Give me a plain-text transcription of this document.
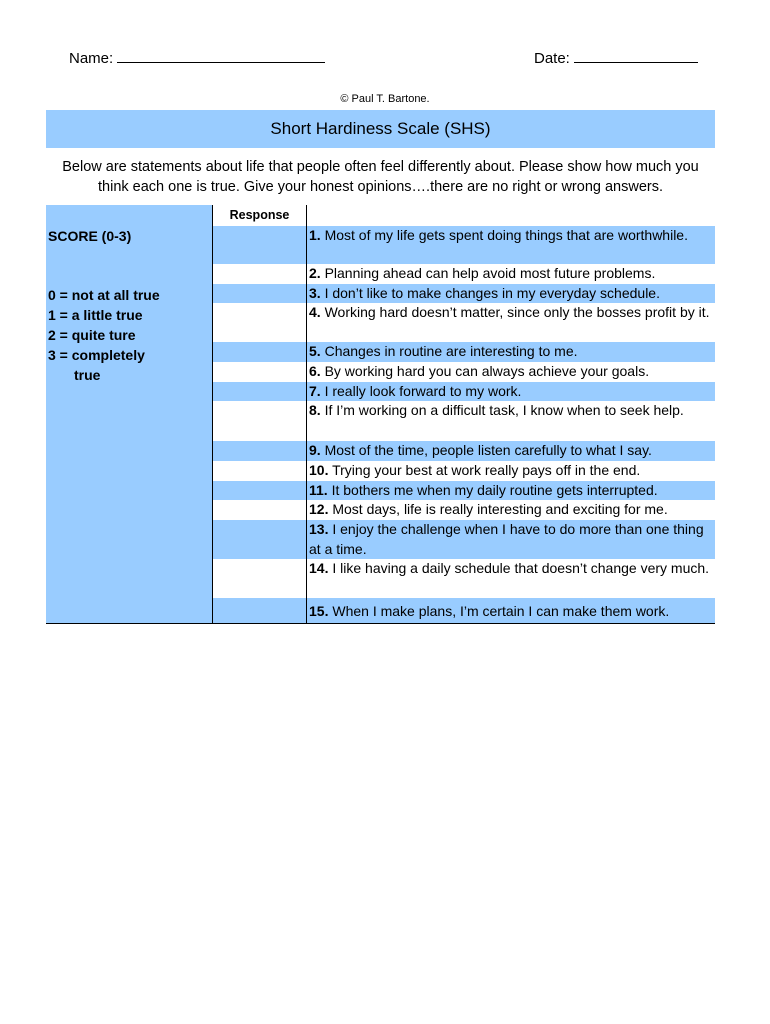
Name:	Date:
© Paul T. Bartone.
Short Hardiness Scale (SHS)
Below are statements about life that people often feel differently about. Please show how much you think each one is true. Give your honest opinions….there are no right or wrong answers.
SCORE (0-3)
0 = not at all true
1 = a little true
2 = quite ture
3 = completely
true
Response
1. Most of my life gets spent doing things that are worthwhile.
2. Planning ahead can help avoid most future problems.
3. I don’t like to make changes in my everyday schedule.
4. Working hard doesn’t matter, since only the bosses profit by it.
5. Changes in routine are interesting to me.
6. By working hard you can always achieve your goals.
7. I really look forward to my work.
8. If I’m working on a difficult task, I know when to seek help.
9. Most of the time, people listen carefully to what I say.
10. Trying your best at work really pays off in the end.
11. It bothers me when my daily routine gets interrupted.
12. Most days, life is really interesting and exciting for me.
13. I enjoy the challenge when I have to do more than one thing at a time.
14. I like having a daily schedule that doesn’t change very much.
15. When I make plans, I’m certain I can make them work.
